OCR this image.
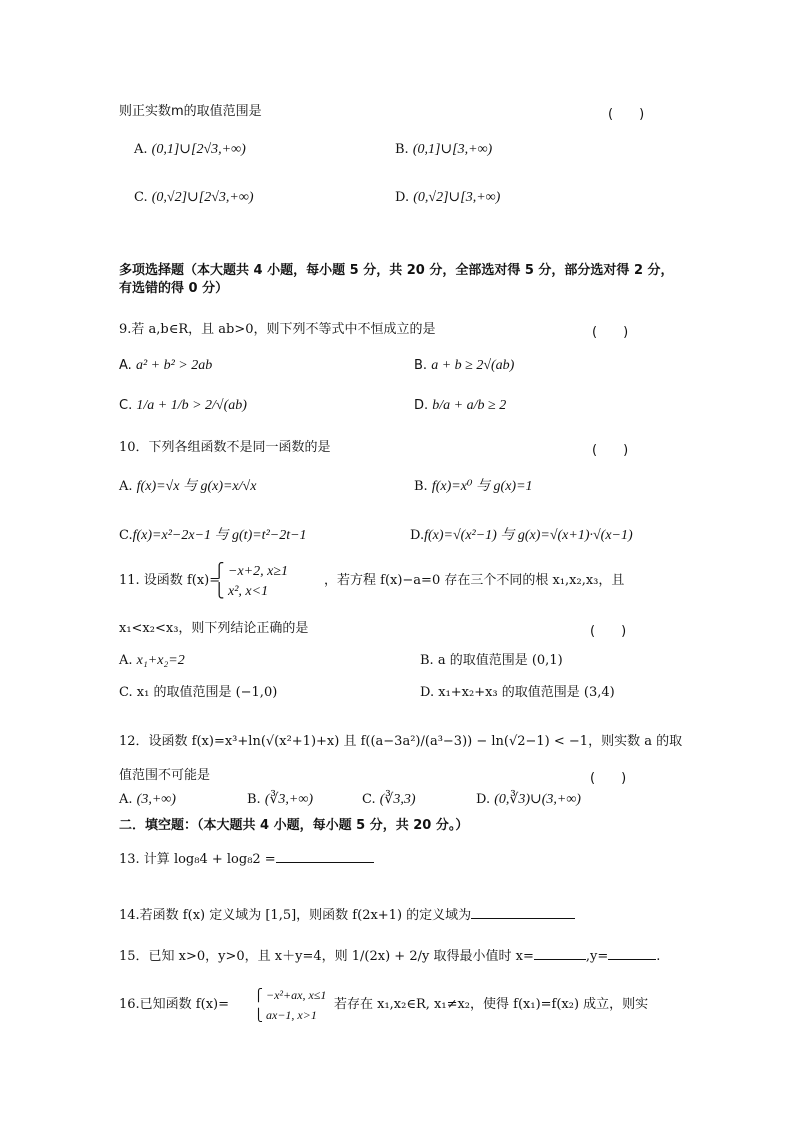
则正实数m的取值范围是	(　　)
A. (0,1]∪[2√3,+∞)	B. (0,1]∪[3,+∞)
C. (0,√2]∪[2√3,+∞)	D. (0,√2]∪[3,+∞)
多项选择题（本大题共 4 小题，每小题 5 分，共 20 分，全部选对得 5 分，部分选对得 2 分，
有选错的得 0 分）
9.若 a,b∈R，且 ab>0，则下列不等式中不恒成立的是	(　　)
A. a² + b² > 2ab	B. a + b ≥ 2√(ab)
C. 1/a + 1/b > 2/√(ab)	D. b/a + a/b ≥ 2
10．下列各组函数不是同一函数的是	(　　)
A. f(x)=√x 与 g(x)=x/√x	B. f(x)=x⁰ 与 g(x)=1
C.f(x)=x²−2x−1 与 g(t)=t²−2t−1	D.f(x)=√(x²−1) 与 g(x)=√(x+1)·√(x−1)
11. 设函数 f(x)=
⎧ −x+2, x≥1
⎩ x², x<1
，若方程 f(x)−a=0 存在三个不同的根 x₁,x₂,x₃，且
x₁<x₂<x₃，则下列结论正确的是	(　　)
A. x₁+x₂=2	B. a 的取值范围是 (0,1)
C. x₁ 的取值范围是 (−1,0)	D. x₁+x₂+x₃ 的取值范围是 (3,4)
12．设函数 f(x)=x³+ln(√(x²+1)+x) 且 f((a−3a²)/(a³−3)) − ln(√2−1) < −1，则实数 a 的取
值范围不可能是	(　　)
A. (3,+∞)	B. (∛3,+∞)	C. (∛3,3)	D. (0,∛3)∪(3,+∞)
二．填空题：（本大题共 4 小题，每小题 5 分，共 20 分。）
13. 计算 log₈4 + log₈2 =
14.若函数 f(x) 定义域为 [1,5]，则函数 f(2x+1) 的定义域为
15．已知 x>0，y>0，且 x＋y=4，则 1/(2x) + 2/y 取得最小值时 x=	,y=	.
16.已知函数 f(x)=
⎧ −x²+ax, x≤1
⎩ ax−1, x>1
若存在 x₁,x₂∈R, x₁≠x₂，使得 f(x₁)=f(x₂) 成立，则实
